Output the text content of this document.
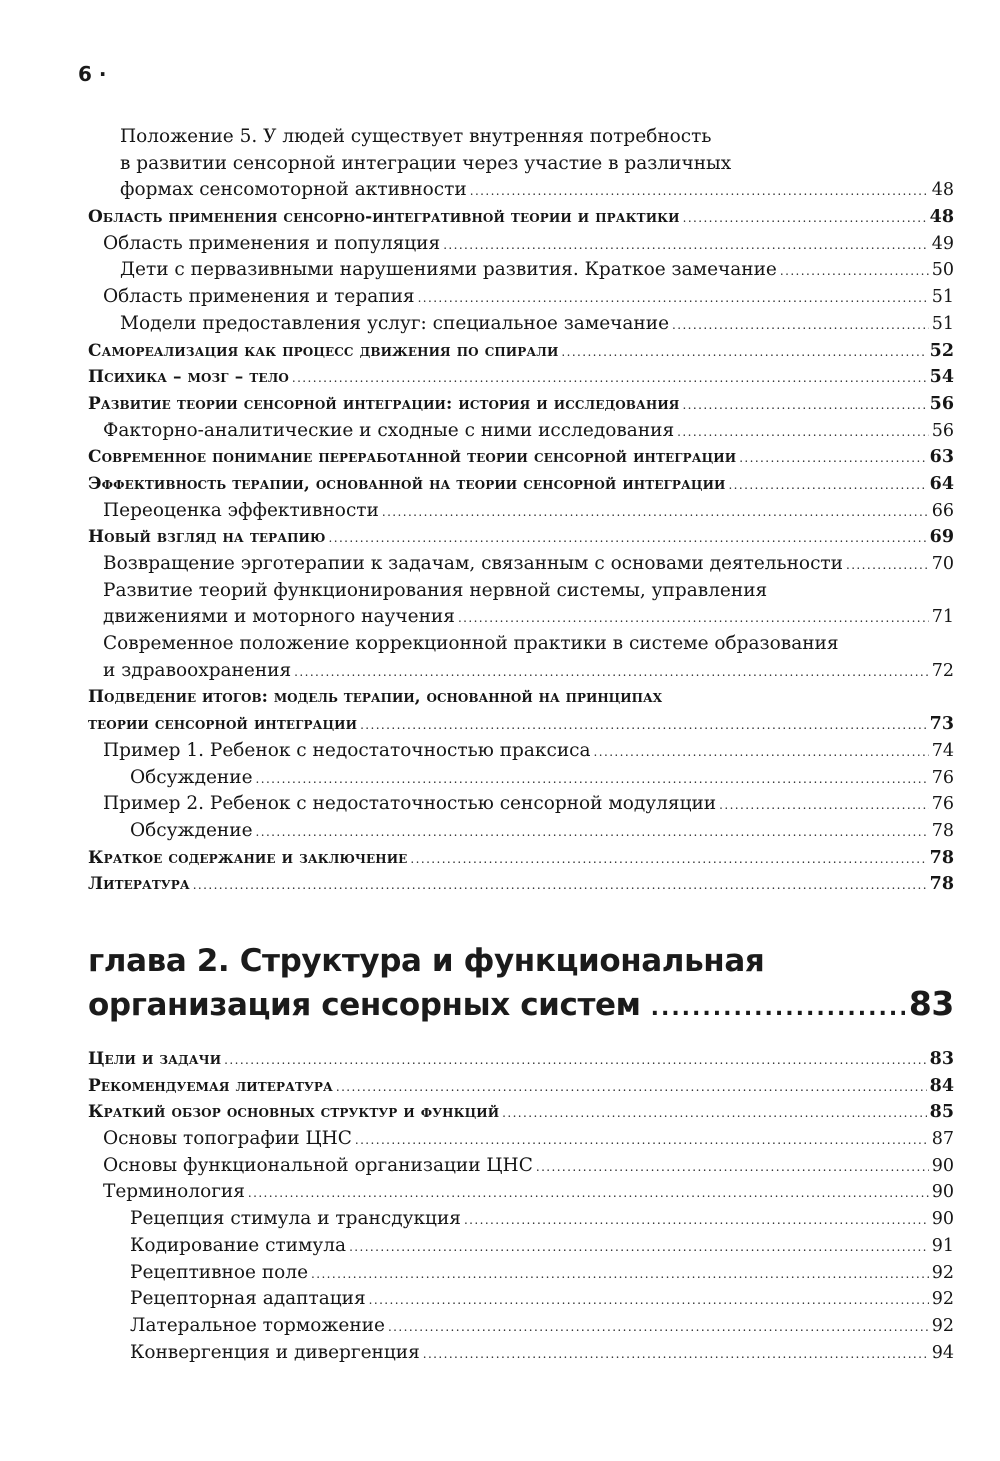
6 ·
Положение 5. У людей существует внутренняя потребность
в развитии сенсорной интеграции через участие в различных
формах сенсомоторной активности .....	48
Область применения сенсорно-интегративной теории и практики .....	48
Область применения и популяция .....	49
Дети с первазивными нарушениями развития. Краткое замечание .....	50
Область применения и терапия .....	51
Модели предоставления услуг: специальное замечание .....	51
Самореализация как процесс движения по спирали .....	52
Психика – мозг – тело .....	54
Развитие теории сенсорной интеграции: история и исследования .....	56
Факторно-аналитические и сходные с ними исследования .....	56
Современное понимание переработанной теории сенсорной интеграции .....	63
Эффективность терапии, основанной на теории сенсорной интеграции .....	64
Переоценка эффективности .....	66
Новый взгляд на терапию .....	69
Возвращение эрготерапии к задачам, связанным с основами деятельности .....	70
Развитие теорий функционирования нервной системы, управления
движениями и моторного научения .....	71
Современное положение коррекционной практики в системе образования
и здравоохранения .....	72
Подведение итогов: модель терапии, основанной на принципах
теории сенсорной интеграции .....	73
Пример 1. Ребенок с недостаточностью праксиса .....	74
Обсуждение .....	76
Пример 2. Ребенок с недостаточностью сенсорной модуляции .....	76
Обсуждение .....	78
Краткое содержание и заключение .....	78
Литература .....	78
глава 2. Структура и функциональная
организация сенсорных систем .....	83
Цели и задачи .....	83
Рекомендуемая литература .....	84
Краткий обзор основных структур и функций .....	85
Основы топографии ЦНС .....	87
Основы функциональной организации ЦНС .....	90
Терминология .....	90
Рецепция стимула и трансдукция .....	90
Кодирование стимула .....	91
Рецептивное поле .....	92
Рецепторная адаптация .....	92
Латеральное торможение .....	92
Конвергенция и дивергенция .....	94
